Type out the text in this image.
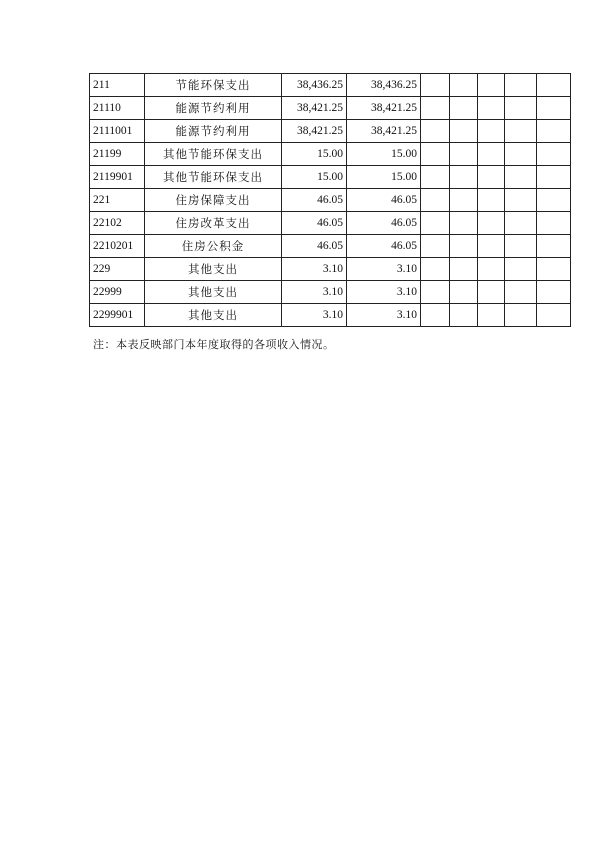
211	节能环保支出	38,436.25	38,436.25					
21110	能源节约利用	38,421.25	38,421.25					
2111001	能源节约利用	38,421.25	38,421.25					
21199	其他节能环保支出	15.00	15.00					
2119901	其他节能环保支出	15.00	15.00					
221	住房保障支出	46.05	46.05					
22102	住房改革支出	46.05	46.05					
2210201	住房公积金	46.05	46.05					
229	其他支出	3.10	3.10					
22999	其他支出	3.10	3.10					
2299901	其他支出	3.10	3.10					
注：本表反映部门本年度取得的各项收入情况。
